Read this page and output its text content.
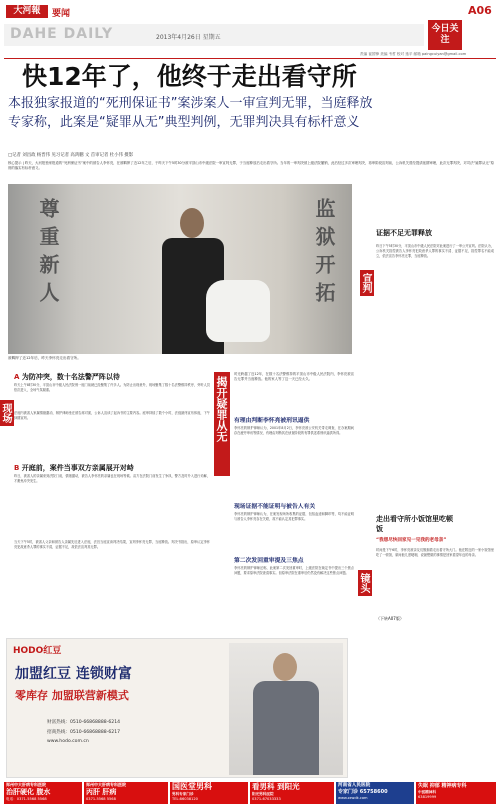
大河報	要闻	A06
DAHE DAILY	2013年4月26日 星期五
今日关注
责编 崔国锋 美编 韦哲 校对 逸平 邮箱 paingcuiyan@gmail.com
快12年了，他终于走出看守所
本报独家报道的“死刑保证书”案涉案人一审宣判无罪，当庭释放
专家称，此案是“疑罪从无”典型判例，无罪判决具有标杆意义
□记者 刘昌政 杨晋伟 见习记者 高鸿鹏 文 首审记者 杜小伟 摄影
核心提示 | 昨天，大河报独家报道的“死刑保证书”案中的被告人李怀亮，在被羁押了近12年之后，于昨天下午5时30分被平顶山市中级法院一审宣判无罪，于当庭释放后走出看守所。当年的一审判决被上级法院撤销，此后经过多次审理判决，再审阶段宣判前，公诉机关曾经提请延期审理，此次无罪判决，对司法“疑罪从无”原则的落实有标杆意义。
尊重新人	监狱开拓
被羁押了近12年后，昨天李怀亮走出看守所。
现场	揭开疑罪从无
宣判
镜头
A 为防冲突，数十名法警严阵以待
昨天上午8时30分，平顶山市中级人民法院刑一庭门前就已经聚集了许多人。为防止出现意外，现场聚集了数十名法警维持秩序，旁听人员依次进入，全场气氛凝重。
法庭内被害人家属情绪激动，辩护律师坐在被告席对面，公诉人宣读了起诉书的主要内容。庭审持续了数个小时，法庭最终宣布休庭，下午择期宣判。
B 开庭前，案件当事双方亲属展开对峙
昨日，被害人的亲属来到法院门前，情绪激动，被告人李怀亮的亲属也在现场等候。双方在法院门前发生了争执，警方及时介入进行劝解，才避免冲突发生。
当天下午5时，被害人父亲和被告人亲属先后进入法庭，法官当庭宣读判决结果，宣判李怀亮无罪，当庭释放。判决书指出，原审认定李怀亮犯故意杀人罪的事实不清，证据不足，故依法宣判其无罪。
时光跨越了近12年，在数十名法警维持的平顶山市中级人民法院内，李怀亮被宣告无罪并当庭释放。他的家人等了这一天已经太久。
有理由判断李怀亮被刑讯逼供
李怀亮的辩护律师认为，2001年8月2日，李怀亮被公安机关带走调查，在办案期间存在疲劳审讯等情况，有理由判断其在侦查阶段的有罪供述系刑讯逼供所得。
现场证据不能证明与被告人有关
李怀亮的辩护律师认为，在案发现场所收集的证据，包括血迹和脚印等，均不能证明与被告人李怀亮存在关联，故不能认定其犯罪事实。
第二次发回重审提及三焦点
李怀亮的辩护律师还称，此案第二次发回重审时，上级法院在裁定书中提出三个焦点问题，要求原审法院查清事实。但原审法院在重审后仍然没有解决这些焦点问题。
证据不足无罪释放
昨日下午5时30分，平顶山市中级人民法院对此案进行了一审公开宣判。法院认为，公诉机关指控被告人李怀亮犯故意杀人罪的事实不清、证据不足，指控罪名不能成立，依法宣告李怀亮无罪，当庭释放。
走出看守所小饭馆里吃顿饭
“我想尽快回家见一见我的老母亲”
时间是下午6时，李怀亮被亲友们簇拥着走出看守所大门。他在附近的一家小饭馆里吃了一顿饭，席间他几度哽咽，说最想做的事情是回家看望年迈的母亲。
（下转A07版）
HODO红豆
加盟红豆 连锁财富
零库存 加盟联营新模式
财富热线：0510-66868888-6214
招商热线：0510-66868888-6217
www.hodo.com.cn
郑州中大肝病专科医院
治肝硬化 腹水
电话：0371-5568 5568
郑州中大肝病专科医院
丙肝 肝病
0371-5568 5568
国医堂男科
男科专家门诊
TEL:86038120
看男科 到阳光
阳光男科医院
0371-67033333
河南省人民医院
专家门诊 65758600
www.zzwdk.com
失眠 抑郁 精神病专科
中医精神科
63819999
